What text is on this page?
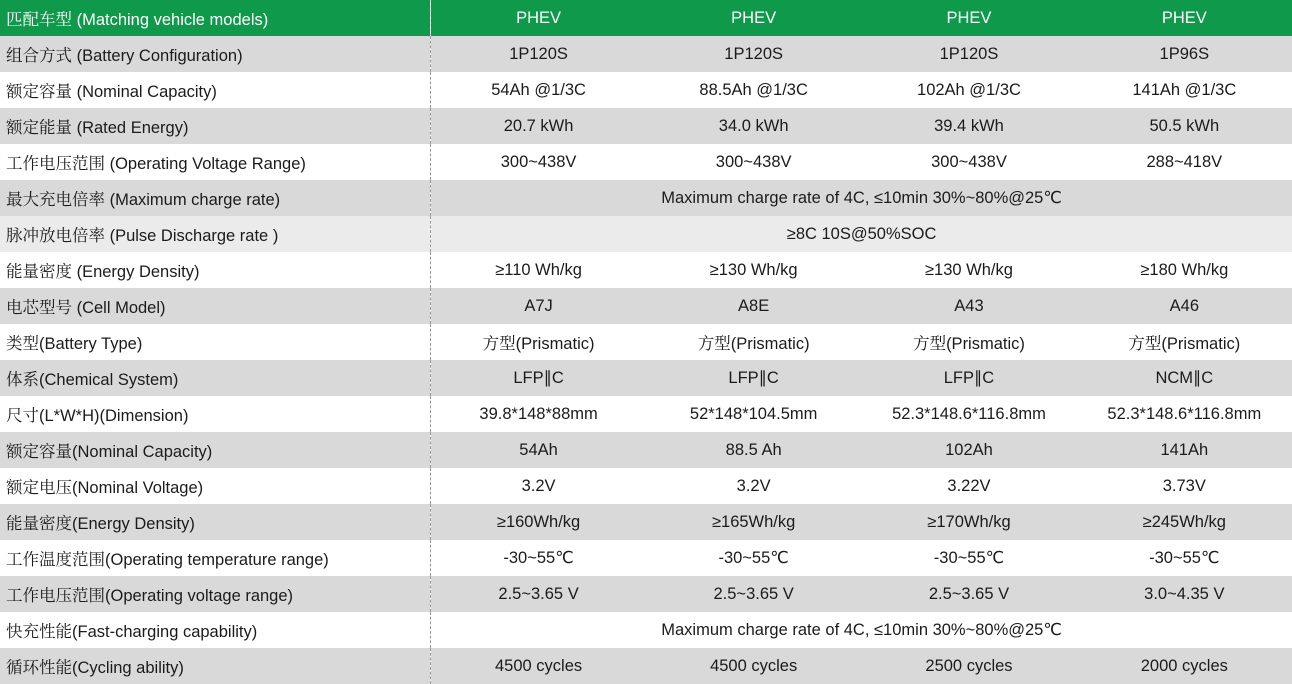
匹配车型 (Matching vehicle models)	PHEV	PHEV	PHEV	PHEV
组合方式 (Battery Configuration)	1P120S	1P120S	1P120S	1P96S
额定容量 (Nominal Capacity)	54Ah @1/3C	88.5Ah @1/3C	102Ah @1/3C	141Ah @1/3C
额定能量 (Rated Energy)	20.7 kWh	34.0 kWh	39.4 kWh	50.5 kWh
工作电压范围 (Operating Voltage Range)	300~438V	300~438V	300~438V	288~418V
最大充电倍率 (Maximum charge rate)	Maximum charge rate of 4C, ≤10min 30%~80%@25℃			
脉冲放电倍率 (Pulse Discharge rate )	≥8C 10S@50%SOC			
能量密度 (Energy Density)	≥110 Wh/kg	≥130 Wh/kg	≥130 Wh/kg	≥180 Wh/kg
电芯型号 (Cell Model)	A7J	A8E	A43	A46
类型(Battery Type)	方型(Prismatic)	方型(Prismatic)	方型(Prismatic)	方型(Prismatic)
体系(Chemical System)	LFP∥C	LFP∥C	LFP∥C	NCM∥C
尺寸(L*W*H)(Dimension)	39.8*148*88mm	52*148*104.5mm	52.3*148.6*116.8mm	52.3*148.6*116.8mm
额定容量(Nominal Capacity)	54Ah	88.5 Ah	102Ah	141Ah
额定电压(Nominal Voltage)	3.2V	3.2V	3.22V	3.73V
能量密度(Energy Density)	≥160Wh/kg	≥165Wh/kg	≥170Wh/kg	≥245Wh/kg
工作温度范围(Operating temperature range)	-30~55℃	-30~55℃	-30~55℃	-30~55℃
工作电压范围(Operating voltage range)	2.5~3.65 V	2.5~3.65 V	2.5~3.65 V	3.0~4.35 V
快充性能(Fast-charging capability)	Maximum charge rate of 4C, ≤10min 30%~80%@25℃			
循环性能(Cycling ability)	4500 cycles	4500 cycles	2500 cycles	2000 cycles
